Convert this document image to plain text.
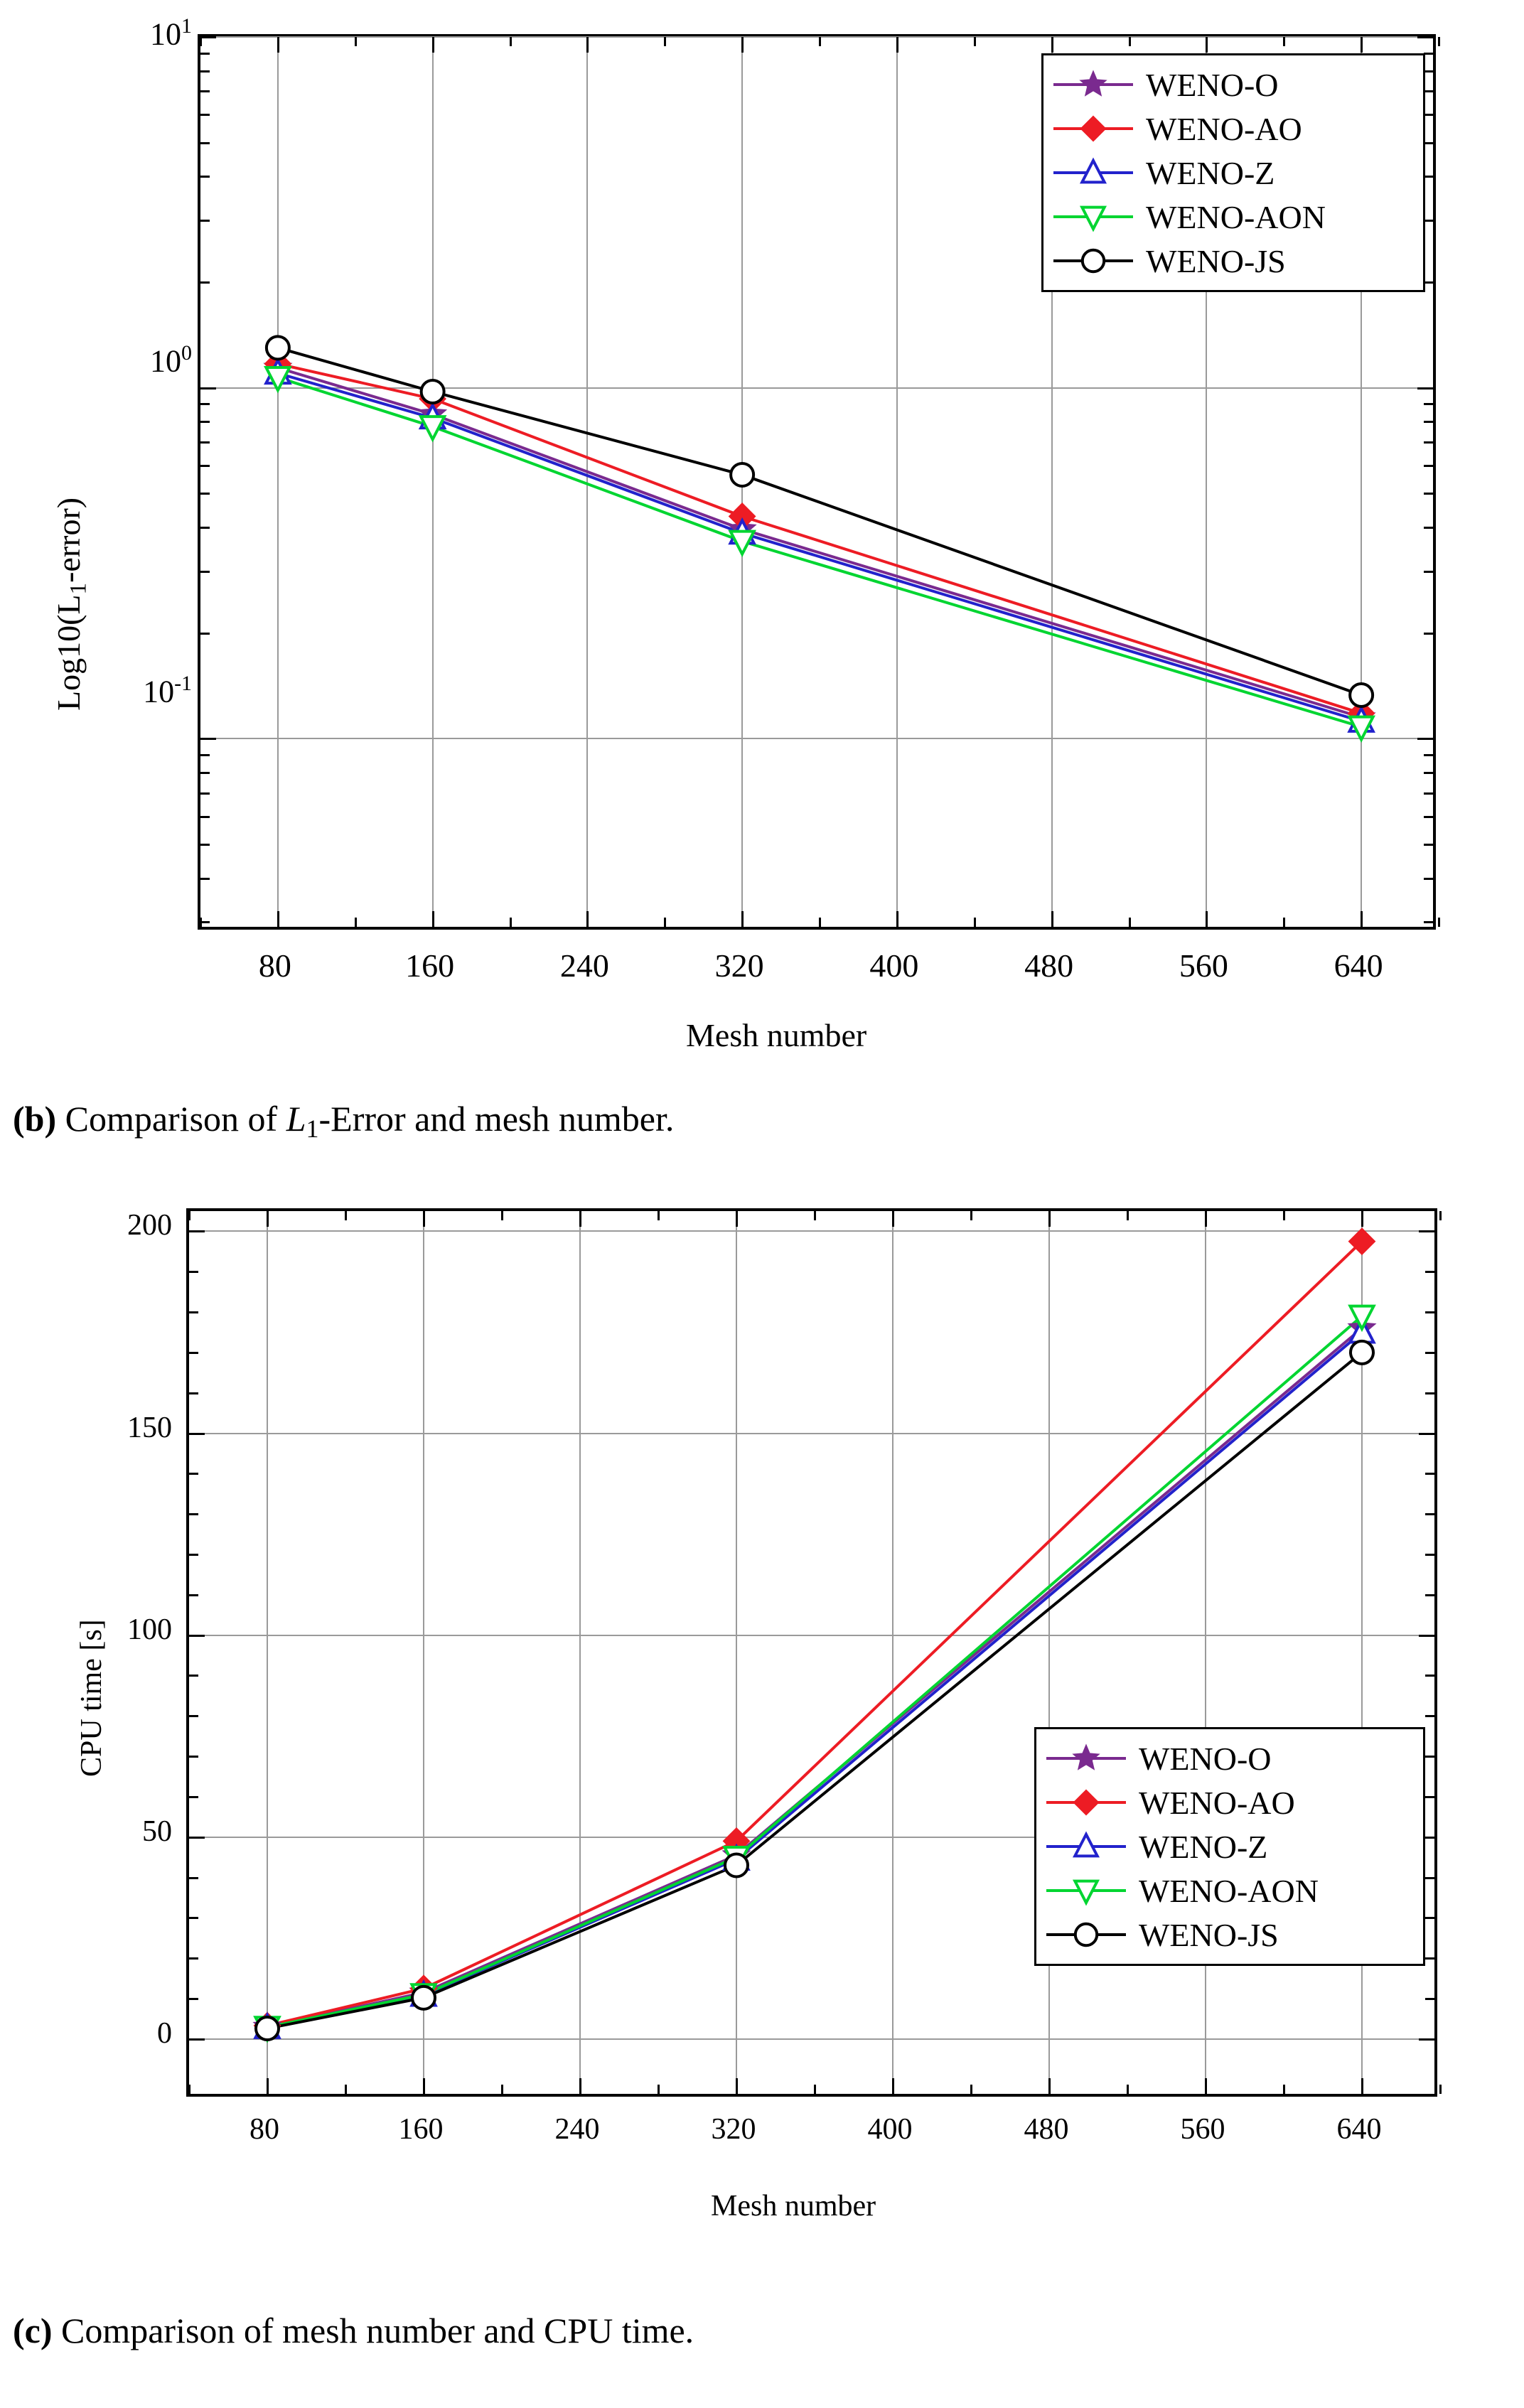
$Log10(L_1-error)$
$10^1$
$10^0$
$10^{-1}$
80	160	240	320	400	480	560	640
Mesh number
WENO-O
WENO-AO
WENO-Z
WENO-AON
WENO-JS
(b) Comparison of $L_1$-Error and mesh number.
CPU time [s]
0
50
100
150
200
80	160	240	320	400	480	560	640
Mesh number
WENO-O
WENO-AO
WENO-Z
WENO-AON
WENO-JS
(c) Comparison of mesh number and CPU time.
